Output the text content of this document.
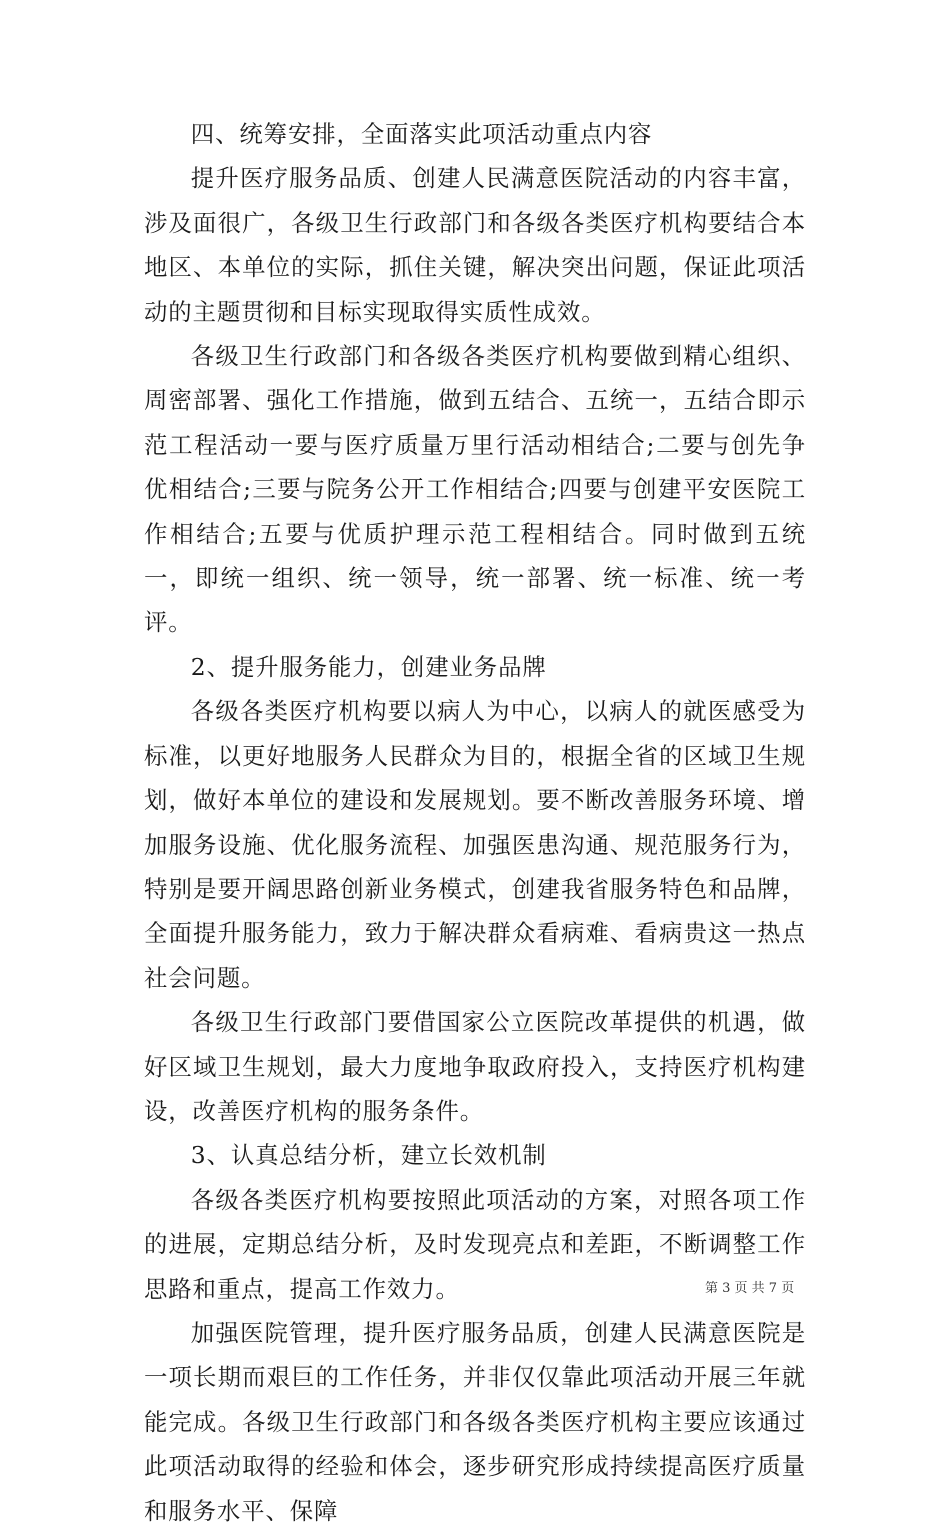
四、统筹安排，全面落实此项活动重点内容

提升医疗服务品质、创建人民满意医院活动的内容丰富，涉及面很广，各级卫生行政部门和各级各类医疗机构要结合本地区、本单位的实际，抓住关键，解决突出问题，保证此项活动的主题贯彻和目标实现取得实质性成效。

各级卫生行政部门和各级各类医疗机构要做到精心组织、周密部署、强化工作措施，做到五结合、五统一，五结合即示范工程活动一要与医疗质量万里行活动相结合;二要与创先争优相结合;三要与院务公开工作相结合;四要与创建平安医院工作相结合;五要与优质护理示范工程相结合。同时做到五统一，即统一组织、统一领导，统一部署、统一标准、统一考评。

2、提升服务能力，创建业务品牌

各级各类医疗机构要以病人为中心，以病人的就医感受为标准，以更好地服务人民群众为目的，根据全省的区域卫生规划，做好本单位的建设和发展规划。要不断改善服务环境、增加服务设施、优化服务流程、加强医患沟通、规范服务行为，特别是要开阔思路创新业务模式，创建我省服务特色和品牌，全面提升服务能力，致力于解决群众看病难、看病贵这一热点社会问题。

各级卫生行政部门要借国家公立医院改革提供的机遇，做好区域卫生规划，最大力度地争取政府投入，支持医疗机构建设，改善医疗机构的服务条件。

3、认真总结分析，建立长效机制

各级各类医疗机构要按照此项活动的方案，对照各项工作的进展，定期总结分析，及时发现亮点和差距，不断调整工作思路和重点，提高工作效力。

加强医院管理，提升医疗服务品质，创建人民满意医院是一项长期而艰巨的工作任务，并非仅仅靠此项活动开展三年就能完成。各级卫生行政部门和各级各类医疗机构主要应该通过此项活动取得的经验和体会，逐步研究形成持续提高医疗质量和服务水平、保障

第 3 页 共 7 页
